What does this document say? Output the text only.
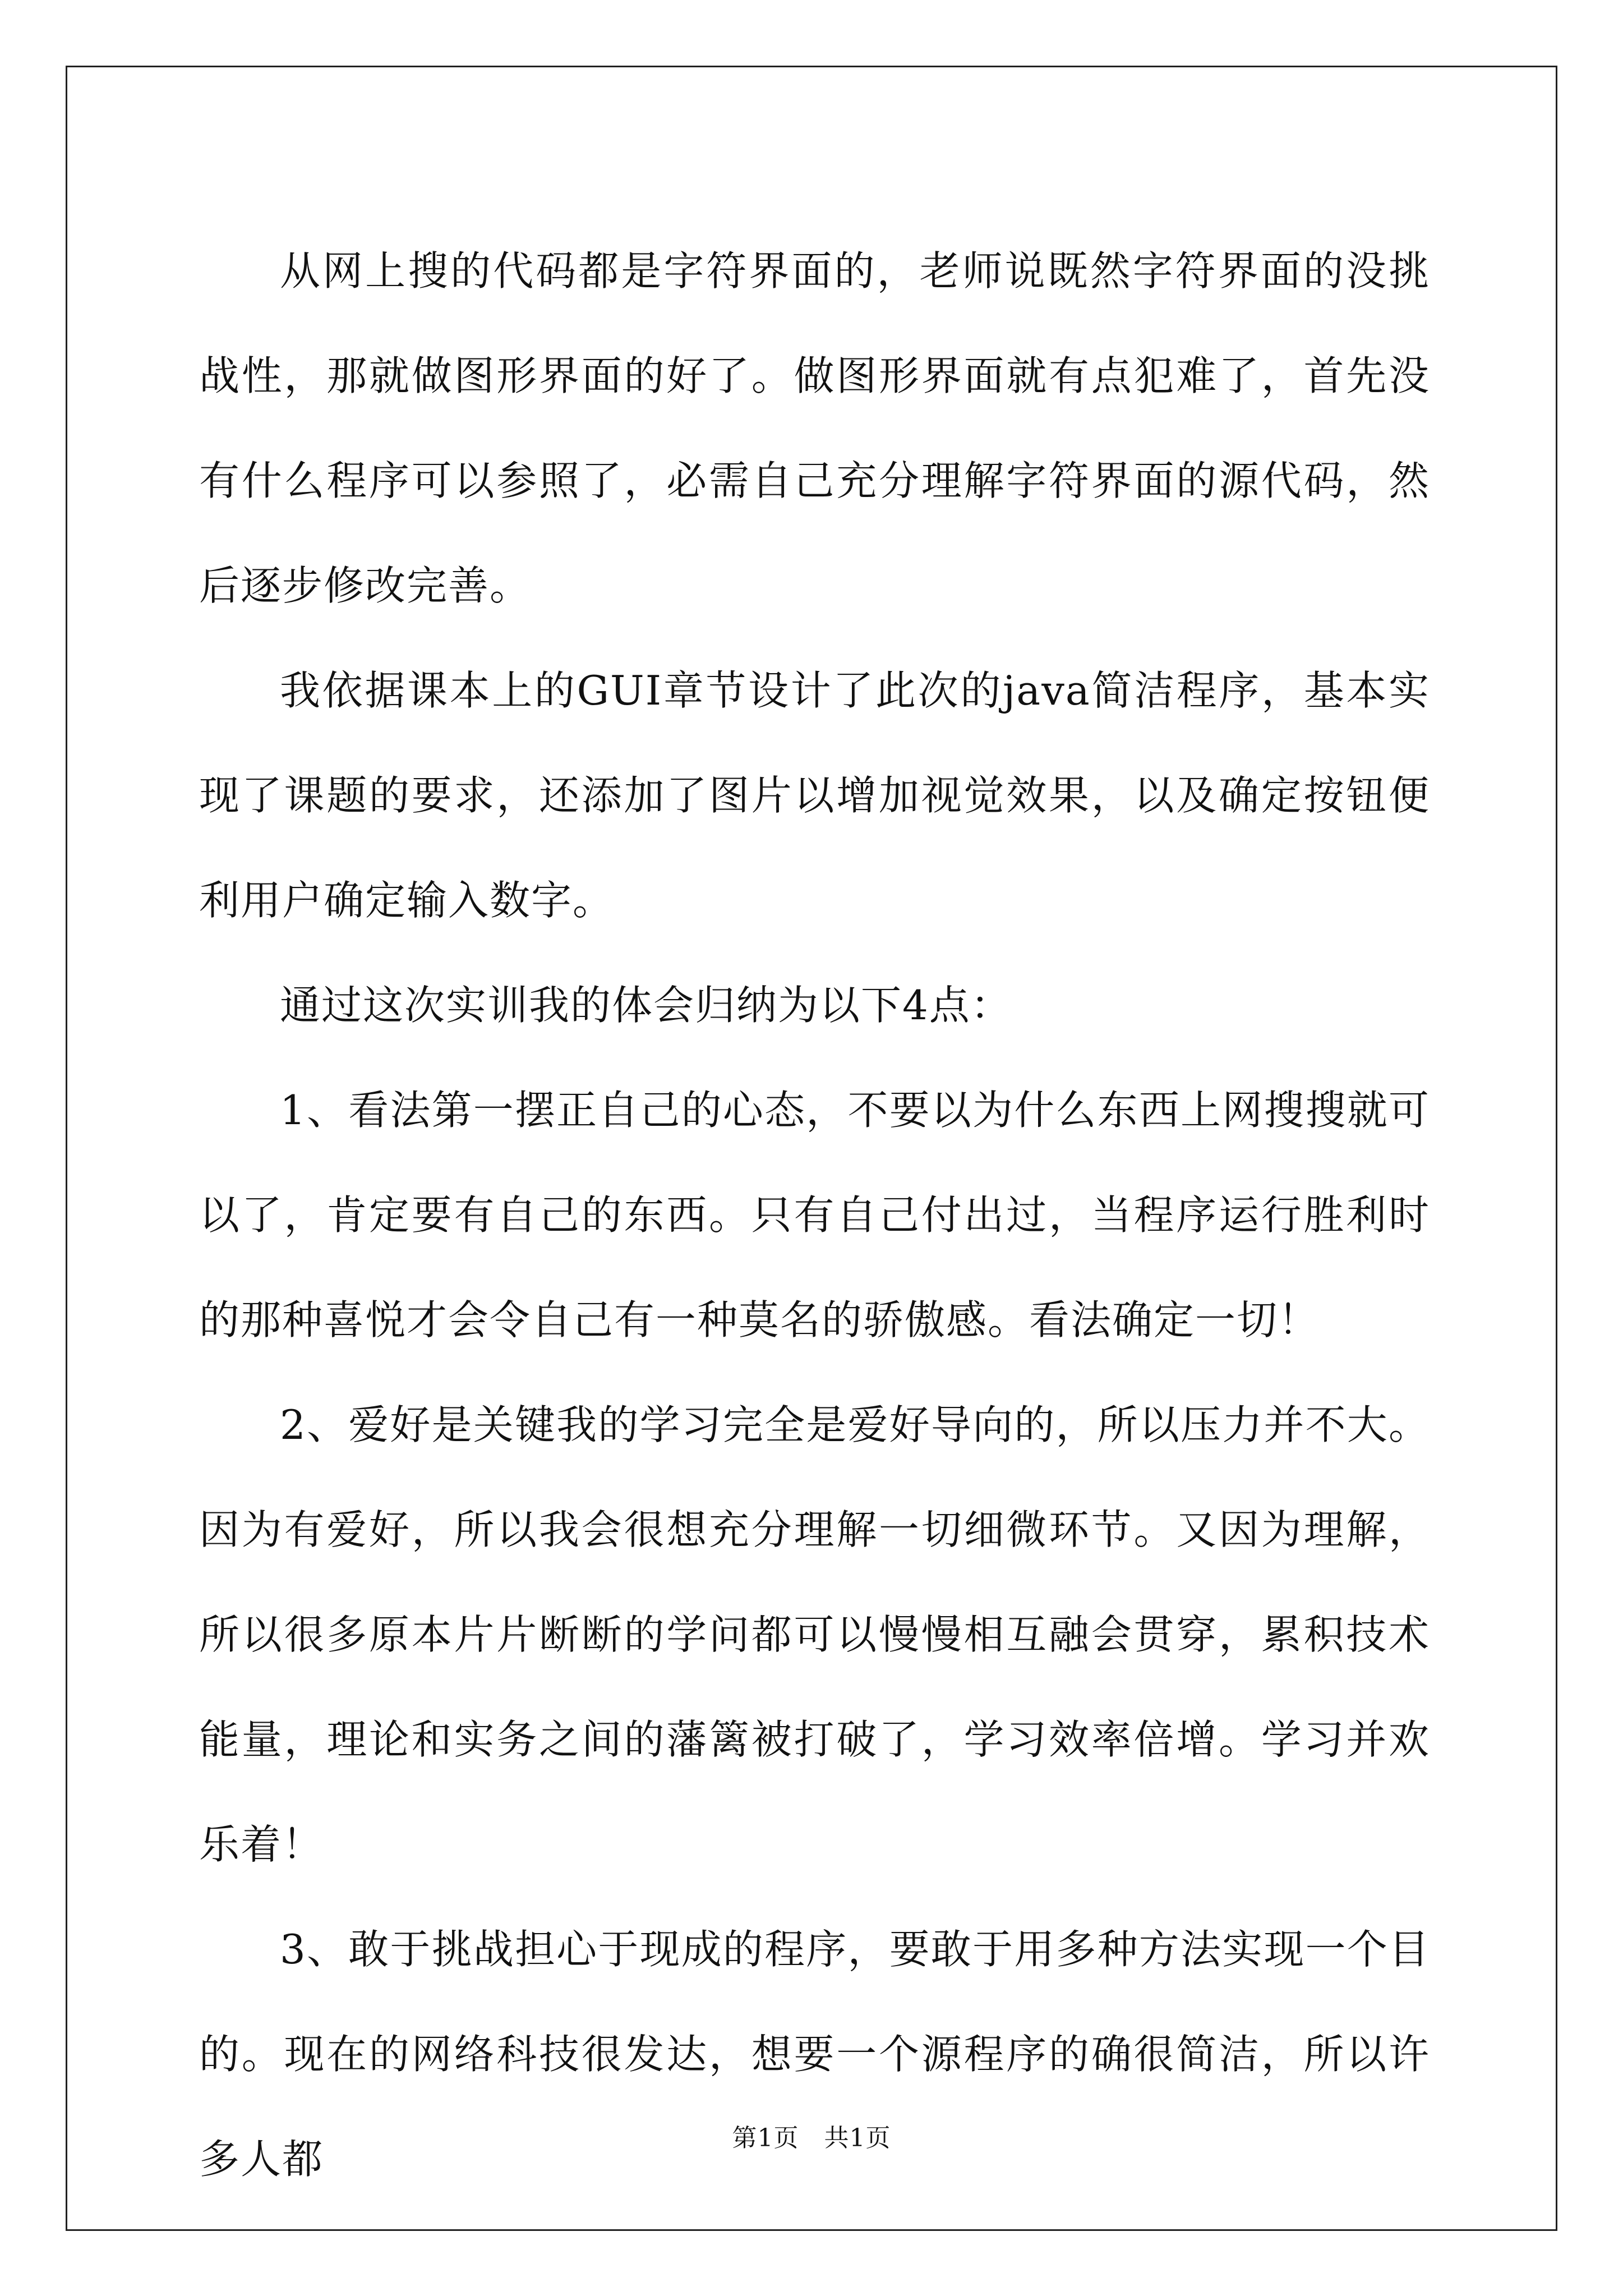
从网上搜的代码都是字符界面的，老师说既然字符界面的没挑战性，那就做图形界面的好了。做图形界面就有点犯难了，首先没有什么程序可以参照了，必需自己充分理解字符界面的源代码，然后逐步修改完善。

我依据课本上的GUI章节设计了此次的java简洁程序，基本实现了课题的要求，还添加了图片以增加视觉效果，以及确定按钮便利用户确定输入数字。

通过这次实训我的体会归纳为以下4点：

1、看法第一摆正自己的心态，不要以为什么东西上网搜搜就可以了，肯定要有自己的东西。只有自己付出过，当程序运行胜利时的那种喜悦才会令自己有一种莫名的骄傲感。看法确定一切！

2、爱好是关键我的学习完全是爱好导向的，所以压力并不大。因为有爱好，所以我会很想充分理解一切细微环节。又因为理解，所以很多原本片片断断的学问都可以慢慢相互融会贯穿，累积技术能量，理论和实务之间的藩篱被打破了，学习效率倍增。学习并欢乐着！

3、敢于挑战担心于现成的程序，要敢于用多种方法实现一个目的。现在的网络科技很发达，想要一个源程序的确很简洁，所以许多人都	第1页   共1页
